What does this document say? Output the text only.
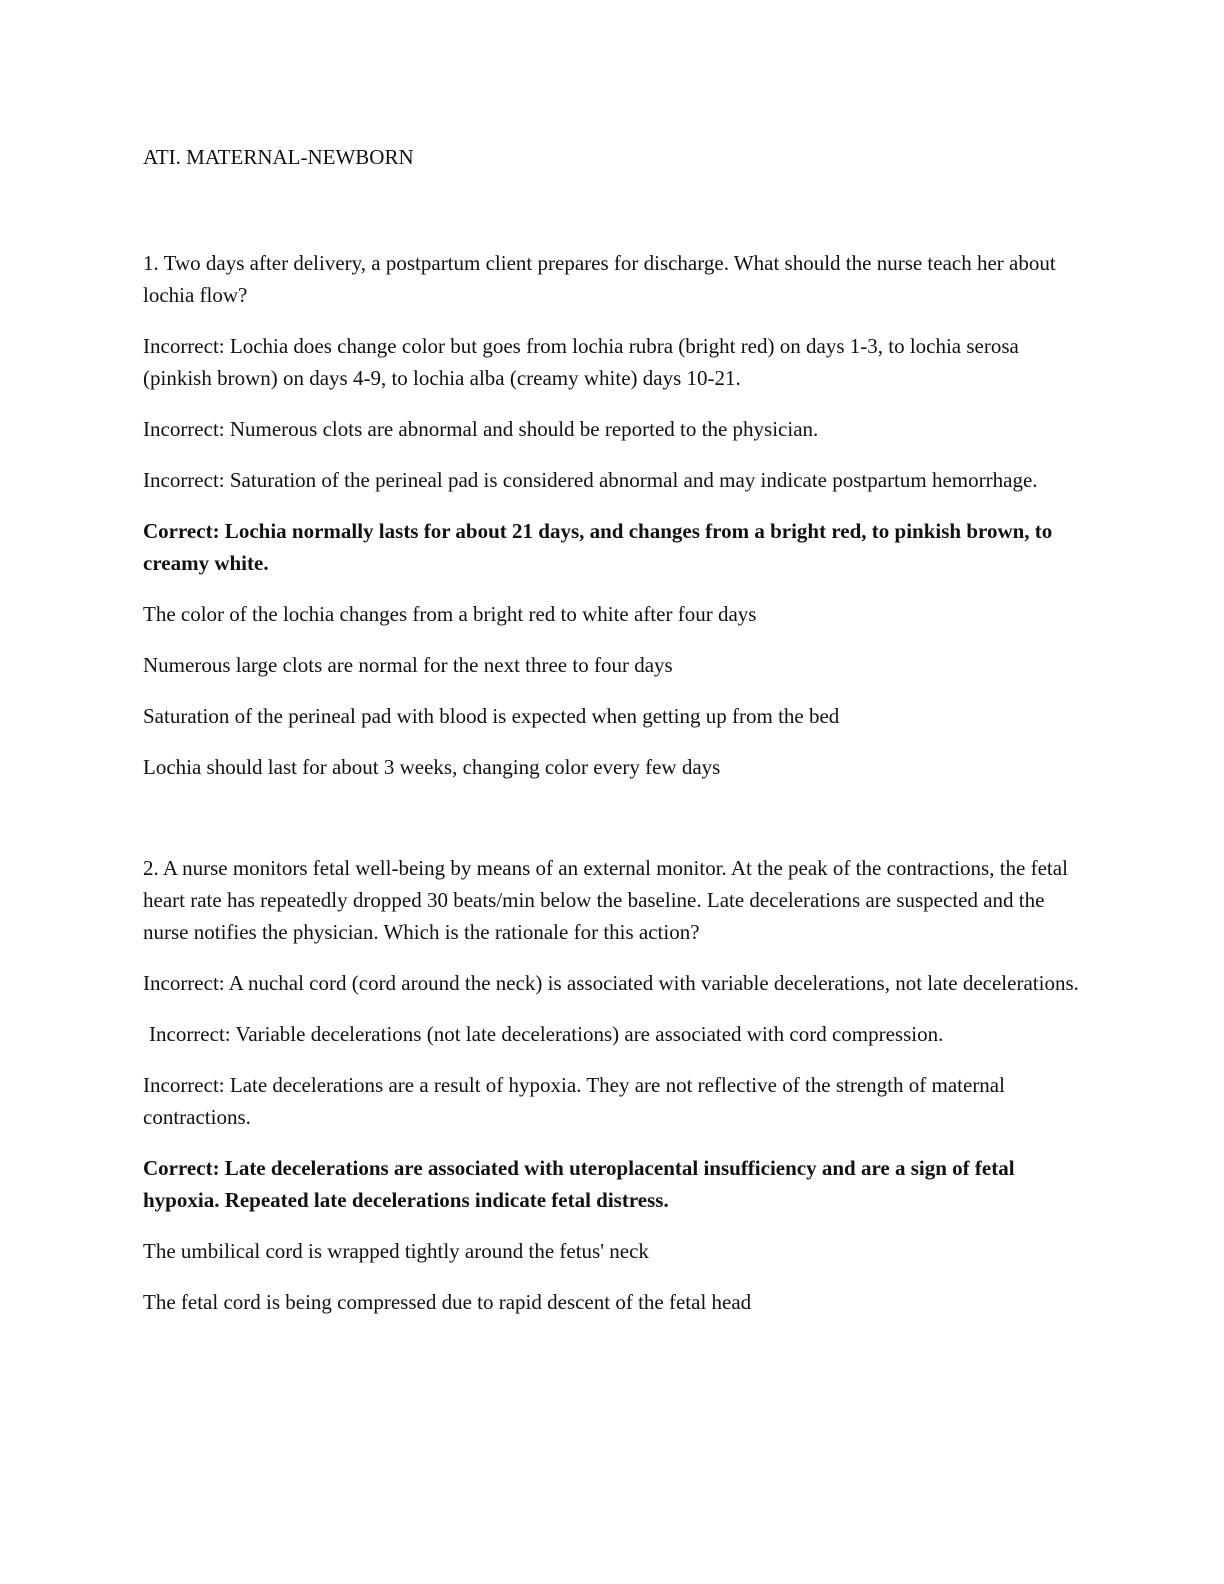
ATI. MATERNAL-NEWBORN

1. Two days after delivery, a postpartum client prepares for discharge. What should the nurse teach her about lochia flow?

Incorrect: Lochia does change color but goes from lochia rubra (bright red) on days 1-3, to lochia serosa (pinkish brown) on days 4-9, to lochia alba (creamy white) days 10-21.

Incorrect: Numerous clots are abnormal and should be reported to the physician.

Incorrect: Saturation of the perineal pad is considered abnormal and may indicate postpartum hemorrhage.

Correct: Lochia normally lasts for about 21 days, and changes from a bright red, to pinkish brown, to creamy white.

The color of the lochia changes from a bright red to white after four days

Numerous large clots are normal for the next three to four days

Saturation of the perineal pad with blood is expected when getting up from the bed

Lochia should last for about 3 weeks, changing color every few days

2. A nurse monitors fetal well-being by means of an external monitor. At the peak of the contractions, the fetal heart rate has repeatedly dropped 30 beats/min below the baseline. Late decelerations are suspected and the nurse notifies the physician. Which is the rationale for this action?

Incorrect: A nuchal cord (cord around the neck) is associated with variable decelerations, not late decelerations.

Incorrect: Variable decelerations (not late decelerations) are associated with cord compression.

Incorrect: Late decelerations are a result of hypoxia. They are not reflective of the strength of maternal contractions.

Correct: Late decelerations are associated with uteroplacental insufficiency and are a sign of fetal hypoxia. Repeated late decelerations indicate fetal distress.

The umbilical cord is wrapped tightly around the fetus' neck

The fetal cord is being compressed due to rapid descent of the fetal head
